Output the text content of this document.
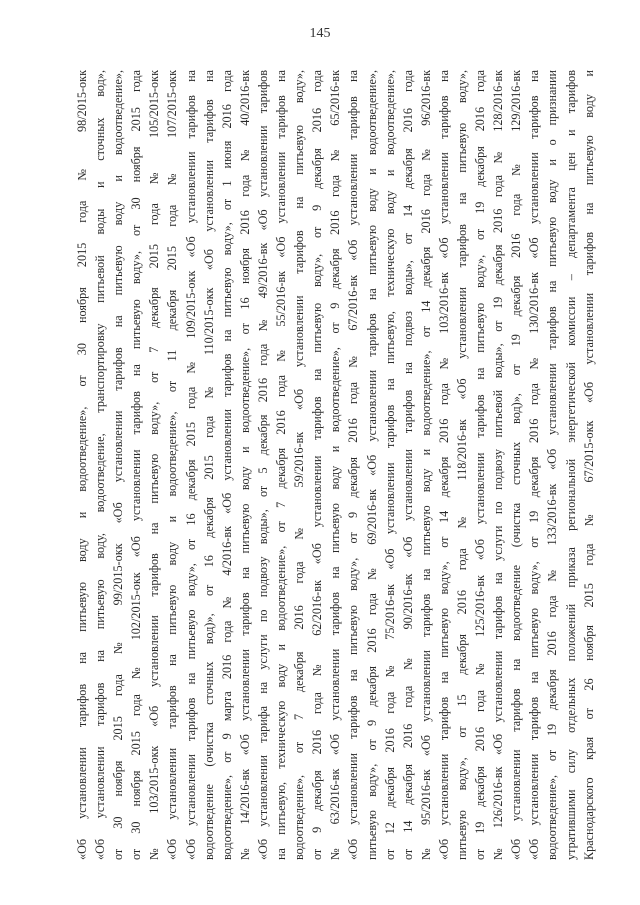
145
«Об установлении тарифов на питьевую воду и водоотведение», от 30 ноября 2015 года № 98/2015-окк «Об установлении тарифов на питьевую воду, водоотведение, транспортировку питьевой воды и сточных вод», от 30 ноября 2015 года № 99/2015-окк «Об установлении тарифов на питьевую воду и водоотведение», от 30 ноября 2015 года № 102/2015-окк «Об установлении тарифов на питьевую воду», от 30 ноября 2015 года № 103/2015-окк «Об установлении тарифов на питьевую воду», от 7 декабря 2015 года № 105/2015-окк «Об установлении тарифов на питьевую воду и водоотведение», от 11 декабря 2015 года № 107/2015-окк «Об установлении тарифов на питьевую воду», от 16 декабря 2015 года № 109/2015-окк «Об установлении тарифов на водоотведение (очистка сточных вод)», от 16 декабря 2015 года № 110/2015-окк «Об установлении тарифов на водоотведение», от 9 марта 2016 года № 4/2016-вк «Об установлении тарифов на питьевую воду», от 1 июня 2016 года № 14/2016-вк «Об установлении тарифов на питьевую воду и водоотведение», от 16 ноября 2016 года № 40/2016-вк «Об установлении тарифа на услуги по подвозу воды», от 5 декабря 2016 года № 49/2016-вк «Об установлении тарифов на питьевую, техническую воду и водоотведение», от 7 декабря 2016 года № 55/2016-вк «Об установлении тарифов на водоотведение», от 7 декабря 2016 года № 59/2016-вк «Об установлении тарифов на питьевую воду», от 9 декабря 2016 года № 62/2016-вк «Об установлении тарифов на питьевую воду», от 9 декабря 2016 года № 63/2016-вк «Об установлении тарифов на питьевую воду и водоотведение», от 9 декабря 2016 года № 65/2016-вк «Об установлении тарифов на питьевую воду», от 9 декабря 2016 года № 67/2016-вк «Об установлении тарифов на питьевую воду», от 9 декабря 2016 года № 69/2016-вк «Об установлении тарифов на питьевую воду и водоотведение», от 12 декабря 2016 года № 75/2016-вк «Об установлении тарифов на питьевую, техническую воду и водоотведение», от 14 декабря 2016 года № 90/2016-вк «Об установлении тарифов на подвоз воды», от 14 декабря 2016 года № 95/2016-вк «Об установлении тарифов на питьевую воду и водоотведение», от 14 декабря 2016 года № 96/2016-вк «Об установлении тарифов на питьевую воду», от 14 декабря 2016 года № 103/2016-вк «Об установлении тарифов на питьевую воду», от 15 декабря 2016 года № 118/2016-вк «Об установлении тарифов на питьевую воду», от 19 декабря 2016 года № 125/2016-вк «Об установлении тарифов на питьевую воду», от 19 декабря 2016 года № 126/2016-вк «Об установлении тарифов на услуги по подвозу питьевой воды», от 19 декабря 2016 года № 128/2016-вк «Об установлении тарифов на водоотведение (очистка сточных вод)», от 19 декабря 2016 года № 129/2016-вк «Об установлении тарифов на питьевую воду», от 19 декабря 2016 года № 130/2016-вк «Об установлении тарифов на водоотведение», от 19 декабря 2016 года № 133/2016-вк «Об установлении тарифов на питьевую воду и о признании утратившими силу отдельных положений приказа региональной энергетической комиссии – департамента цен и тарифов Краснодарского края от 26 ноября 2015 года № 67/2015-окк «Об установлении тарифов на питьевую воду и
